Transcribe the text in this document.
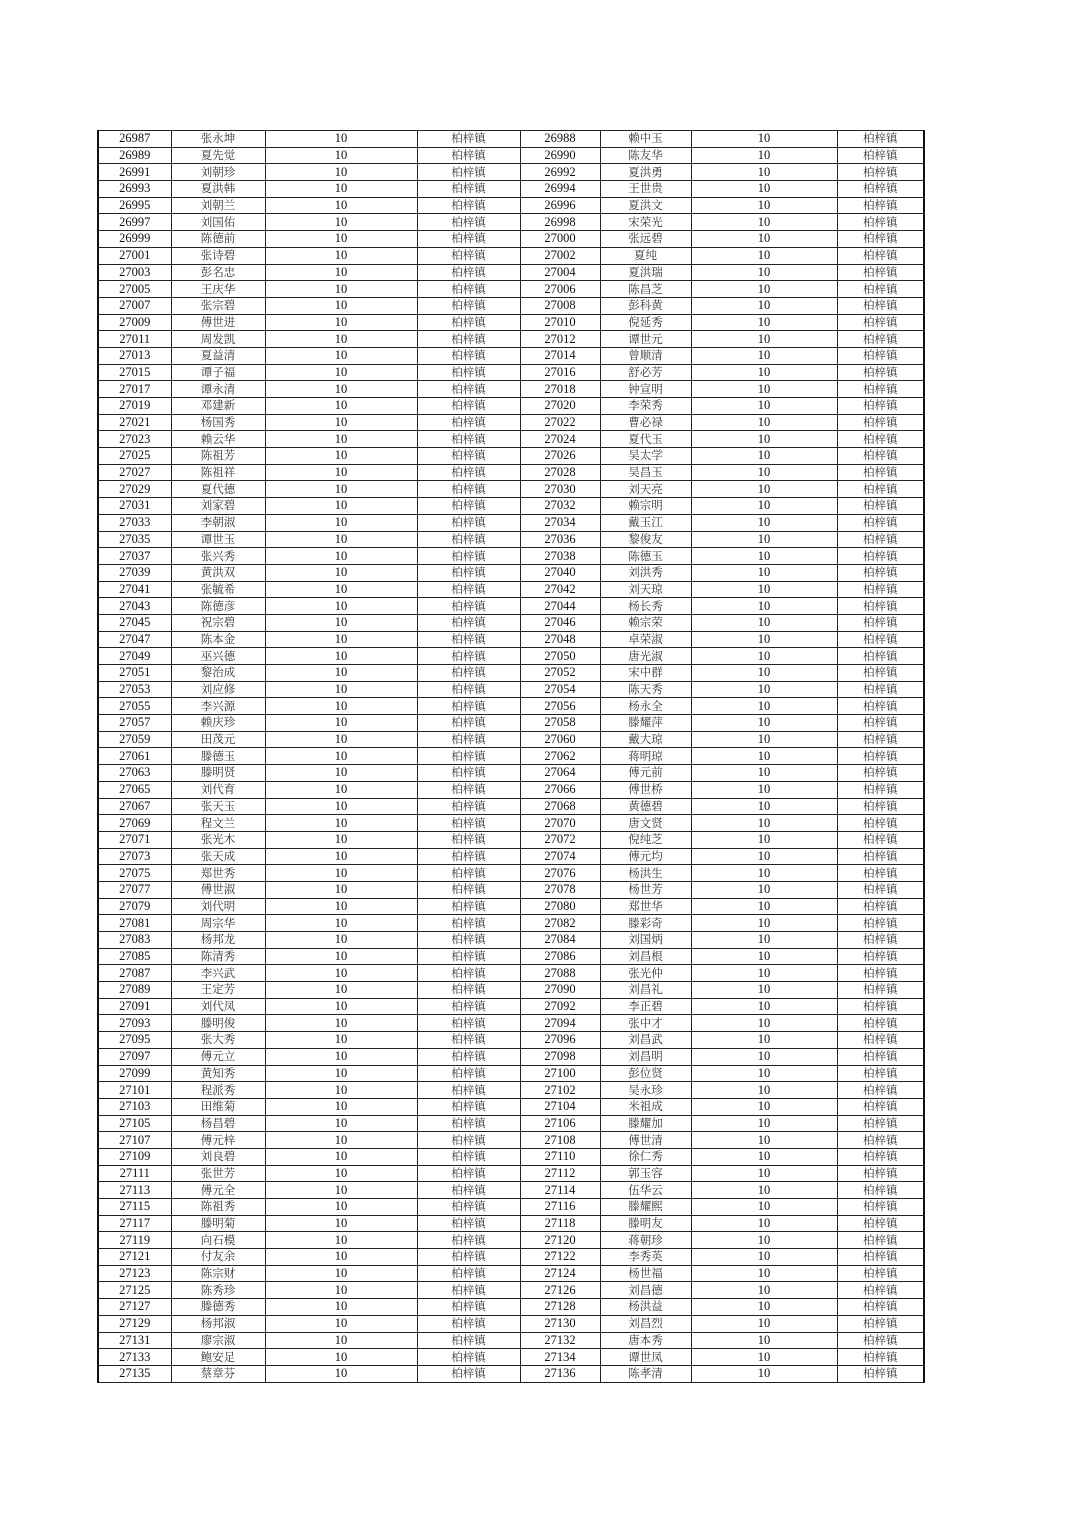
26987	张永坤	10	柏梓镇	26988	赖中玉	10	柏梓镇
26989	夏先觉	10	柏梓镇	26990	陈友华	10	柏梓镇
26991	刘朝珍	10	柏梓镇	26992	夏洪勇	10	柏梓镇
26993	夏洪韩	10	柏梓镇	26994	王世贵	10	柏梓镇
26995	刘朝兰	10	柏梓镇	26996	夏洪文	10	柏梓镇
26997	刘国佑	10	柏梓镇	26998	宋荣光	10	柏梓镇
26999	陈德前	10	柏梓镇	27000	张远碧	10	柏梓镇
27001	张诗碧	10	柏梓镇	27002	夏纯	10	柏梓镇
27003	彭名忠	10	柏梓镇	27004	夏洪瑞	10	柏梓镇
27005	王庆华	10	柏梓镇	27006	陈昌芝	10	柏梓镇
27007	张宗碧	10	柏梓镇	27008	彭科黄	10	柏梓镇
27009	傅世进	10	柏梓镇	27010	倪延秀	10	柏梓镇
27011	周发凯	10	柏梓镇	27012	谭世元	10	柏梓镇
27013	夏益清	10	柏梓镇	27014	曾顺清	10	柏梓镇
27015	谭子福	10	柏梓镇	27016	舒必芳	10	柏梓镇
27017	谭永清	10	柏梓镇	27018	钟宣明	10	柏梓镇
27019	邓建新	10	柏梓镇	27020	李荣秀	10	柏梓镇
27021	杨国秀	10	柏梓镇	27022	曹必禄	10	柏梓镇
27023	赖云华	10	柏梓镇	27024	夏代玉	10	柏梓镇
27025	陈祖芳	10	柏梓镇	27026	吴太学	10	柏梓镇
27027	陈祖祥	10	柏梓镇	27028	吴昌玉	10	柏梓镇
27029	夏代德	10	柏梓镇	27030	刘天亮	10	柏梓镇
27031	刘家碧	10	柏梓镇	27032	赖宗明	10	柏梓镇
27033	李朝淑	10	柏梓镇	27034	戴玉江	10	柏梓镇
27035	谭世玉	10	柏梓镇	27036	黎俊友	10	柏梓镇
27037	张兴秀	10	柏梓镇	27038	陈德玉	10	柏梓镇
27039	黄洪双	10	柏梓镇	27040	刘洪秀	10	柏梓镇
27041	张毓希	10	柏梓镇	27042	刘天琼	10	柏梓镇
27043	陈德彦	10	柏梓镇	27044	杨长秀	10	柏梓镇
27045	祝宗碧	10	柏梓镇	27046	赖宗荣	10	柏梓镇
27047	陈本金	10	柏梓镇	27048	卓荣淑	10	柏梓镇
27049	巫兴德	10	柏梓镇	27050	唐光淑	10	柏梓镇
27051	黎治成	10	柏梓镇	27052	宋中群	10	柏梓镇
27053	刘应修	10	柏梓镇	27054	陈天秀	10	柏梓镇
27055	李兴源	10	柏梓镇	27056	杨永全	10	柏梓镇
27057	赖庆珍	10	柏梓镇	27058	滕耀萍	10	柏梓镇
27059	田茂元	10	柏梓镇	27060	戴大琼	10	柏梓镇
27061	滕德玉	10	柏梓镇	27062	蒋明琼	10	柏梓镇
27063	滕明贤	10	柏梓镇	27064	傅元前	10	柏梓镇
27065	刘代育	10	柏梓镇	27066	傅世桥	10	柏梓镇
27067	张天玉	10	柏梓镇	27068	黄德碧	10	柏梓镇
27069	程文兰	10	柏梓镇	27070	唐文贤	10	柏梓镇
27071	张光木	10	柏梓镇	27072	倪纯芝	10	柏梓镇
27073	张天成	10	柏梓镇	27074	傅元均	10	柏梓镇
27075	郑世秀	10	柏梓镇	27076	杨洪生	10	柏梓镇
27077	傅世淑	10	柏梓镇	27078	杨世芳	10	柏梓镇
27079	刘代明	10	柏梓镇	27080	郑世华	10	柏梓镇
27081	周宗华	10	柏梓镇	27082	滕彩奇	10	柏梓镇
27083	杨邦龙	10	柏梓镇	27084	刘国炳	10	柏梓镇
27085	陈清秀	10	柏梓镇	27086	刘昌根	10	柏梓镇
27087	李兴武	10	柏梓镇	27088	张光仲	10	柏梓镇
27089	王定芳	10	柏梓镇	27090	刘昌礼	10	柏梓镇
27091	刘代凤	10	柏梓镇	27092	李正碧	10	柏梓镇
27093	滕明俊	10	柏梓镇	27094	张中才	10	柏梓镇
27095	张大秀	10	柏梓镇	27096	刘昌武	10	柏梓镇
27097	傅元立	10	柏梓镇	27098	刘昌明	10	柏梓镇
27099	黄知秀	10	柏梓镇	27100	彭位贤	10	柏梓镇
27101	程派秀	10	柏梓镇	27102	吴永珍	10	柏梓镇
27103	田维菊	10	柏梓镇	27104	米祖成	10	柏梓镇
27105	杨昌碧	10	柏梓镇	27106	滕耀加	10	柏梓镇
27107	傅元梓	10	柏梓镇	27108	傅世清	10	柏梓镇
27109	刘良碧	10	柏梓镇	27110	徐仁秀	10	柏梓镇
27111	张世芳	10	柏梓镇	27112	郭玉容	10	柏梓镇
27113	傅元全	10	柏梓镇	27114	伍华云	10	柏梓镇
27115	陈祖秀	10	柏梓镇	27116	滕耀熙	10	柏梓镇
27117	滕明菊	10	柏梓镇	27118	滕明友	10	柏梓镇
27119	向石模	10	柏梓镇	27120	蒋朝珍	10	柏梓镇
27121	付友余	10	柏梓镇	27122	李秀英	10	柏梓镇
27123	陈宗财	10	柏梓镇	27124	杨世福	10	柏梓镇
27125	陈秀珍	10	柏梓镇	27126	刘昌德	10	柏梓镇
27127	滕德秀	10	柏梓镇	27128	杨洪益	10	柏梓镇
27129	杨邦淑	10	柏梓镇	27130	刘昌烈	10	柏梓镇
27131	廖宗淑	10	柏梓镇	27132	唐本秀	10	柏梓镇
27133	鲍安足	10	柏梓镇	27134	谭世凤	10	柏梓镇
27135	蔡章芬	10	柏梓镇	27136	陈孝清	10	柏梓镇
